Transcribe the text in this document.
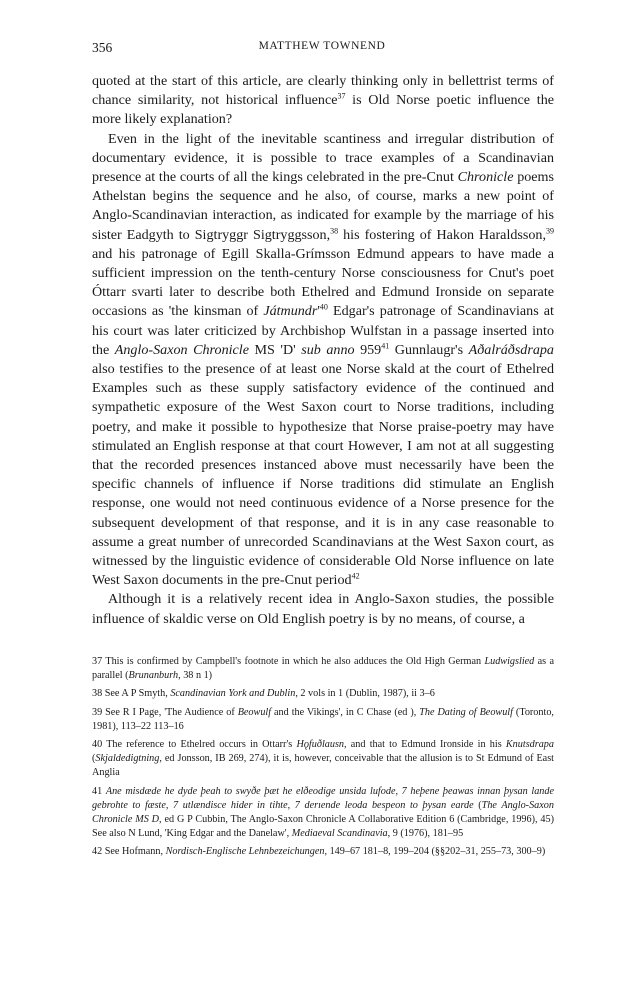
356	MATTHEW TOWNEND

quoted at the start of this article, are clearly thinking only in bellettrist terms of chance similarity, not historical influence$^{37}$ is Old Norse poetic influence the more likely explanation?

Even in the light of the inevitable scantiness and irregular distribution of documentary evidence, it is possible to trace examples of a Scandinavian presence at the courts of all the kings celebrated in the pre-Cnut Chronicle poems Athelstan begins the sequence and he also, of course, marks a new point of Anglo-Scandinavian interaction, as indicated for example by the marriage of his sister Eadgyth to Sigtryggr Sigtryggsson,$^{38}$ his fostering of Hakon Haraldsson,$^{39}$ and his patronage of Egill Skalla-Grímsson Edmund appears to have made a sufficient impression on the tenth-century Norse consciousness for Cnut's poet Óttarr svarti later to describe both Ethelred and Edmund Ironside on separate occasions as 'the kinsman of $Játmundr'^{40}$ Edgar's patronage of Scandinavians at his court was later criticized by Archbishop Wulfstan in a passage inserted into the Anglo-Saxon Chronicle MS 'D' sub anno $959^{41}$ Gunnlaugr's Aðalráðsdrapa also testifies to the presence of at least one Norse skald at the court of Ethelred Examples such as these supply satisfactory evidence of the continued and sympathetic exposure of the West Saxon court to Norse traditions, including poetry, and make it possible to hypothesize that Norse praise-poetry may have stimulated an English response at that court However, I am not at all suggesting that the recorded presences instanced above must necessarily have been the specific channels of influence if Norse traditions did stimulate an English response, one would not need continuous evidence of a Norse presence for the subsequent development of that response, and it is in any case reasonable to assume a great number of unrecorded Scandinavians at the West Saxon court, as witnessed by the linguistic evidence of considerable Old Norse influence on late West Saxon documents in the pre-Cnut period$^{42}$

Although it is a relatively recent idea in Anglo-Saxon studies, the possible influence of skaldic verse on Old English poetry is by no means, of course, a

37 This is confirmed by Campbell's footnote in which he also adduces the Old High German Ludwigslied as a parallel (Brunanburh, 38 n 1)

38 See A P Smyth, Scandinavian York and Dublin, 2 vols in 1 (Dublin, 1987), ii 3–6

39 See R I Page, 'The Audience of Beowulf and the Vikings', in C Chase (ed ), The Dating of Beowulf (Toronto, 1981), 113–22 113–16

40 The reference to Ethelred occurs in Ottarr's Hǫfuðlausn, and that to Edmund Ironside in his Knutsdrapa (Skjaldedigtning, ed Jonsson, IB 269, 274), it is, however, conceivable that the allusion is to St Edmund of East Anglia

41 Ane misdæde he dyde þeah to swyðe þæt he elðeodige unsida lufode, 7 heþene þeawas innan þysan lande gebrohte to fæste, 7 utlændisce hider in tihte, 7 derıende leoda bespeon to þysan earde (The Anglo-Saxon Chronicle MS D, ed G P Cubbin, The Anglo-Saxon Chronicle A Collaborative Edition 6 (Cambridge, 1996), 45) See also N Lund, 'King Edgar and the Danelaw', Mediaeval Scandinavia, 9 (1976), 181–95

42 See Hofmann, Nordisch-Englische Lehnbezeichungen, 149–67 181–8, 199–204 (§§202–31, 255–73, 300–9)
